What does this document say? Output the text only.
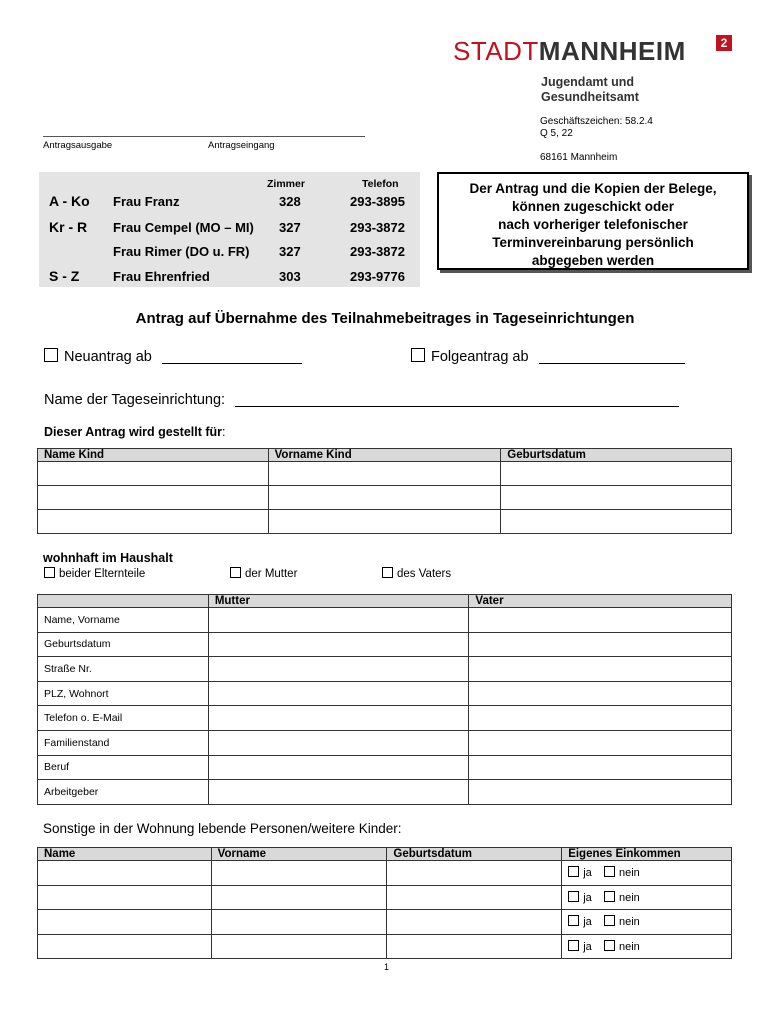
STADTMANNHEIM	2
Jugendamt und
Gesundheitsamt
Geschäftszeichen: 58.2.4
Q 5, 22
68161 Mannheim
Antragsausgabe	Antragseingang
Zimmer	Telefon
A - Ko Frau Franz	328	293-3895
Kr - R Frau Cempel (MO – MI) 327	293-3872
Frau Rimer (DO u. FR) 327	293-3872
S - Z	Frau Ehrenfried	303	293-9776
Der Antrag und die Kopien der Belege,
können zugeschickt oder
nach vorheriger telefonischer
Terminvereinbarung persönlich
abgegeben werden
Antrag auf Übernahme des Teilnahmebeitrages in Tageseinrichtungen
Neuantrag ab	Folgeantrag ab
Name der Tageseinrichtung:
Dieser Antrag wird gestellt für:
Name Kind	Vorname Kind	Geburtsdatum

wohnhaft im Haushalt
beider Elternteile	der Mutter	des Vaters
	Mutter	Vater
Name, Vorname		
Geburtsdatum		
Straße Nr.		
PLZ, Wohnort		
Telefon o. E-Mail		
Familienstand		
Beruf		
Arbeitgeber		
Sonstige in der Wohnung lebende Personen/weitere Kinder:
Name	Vorname	Geburtsdatum	Eigenes Einkommen
			ja nein
			ja nein
			ja nein
			ja nein
1
